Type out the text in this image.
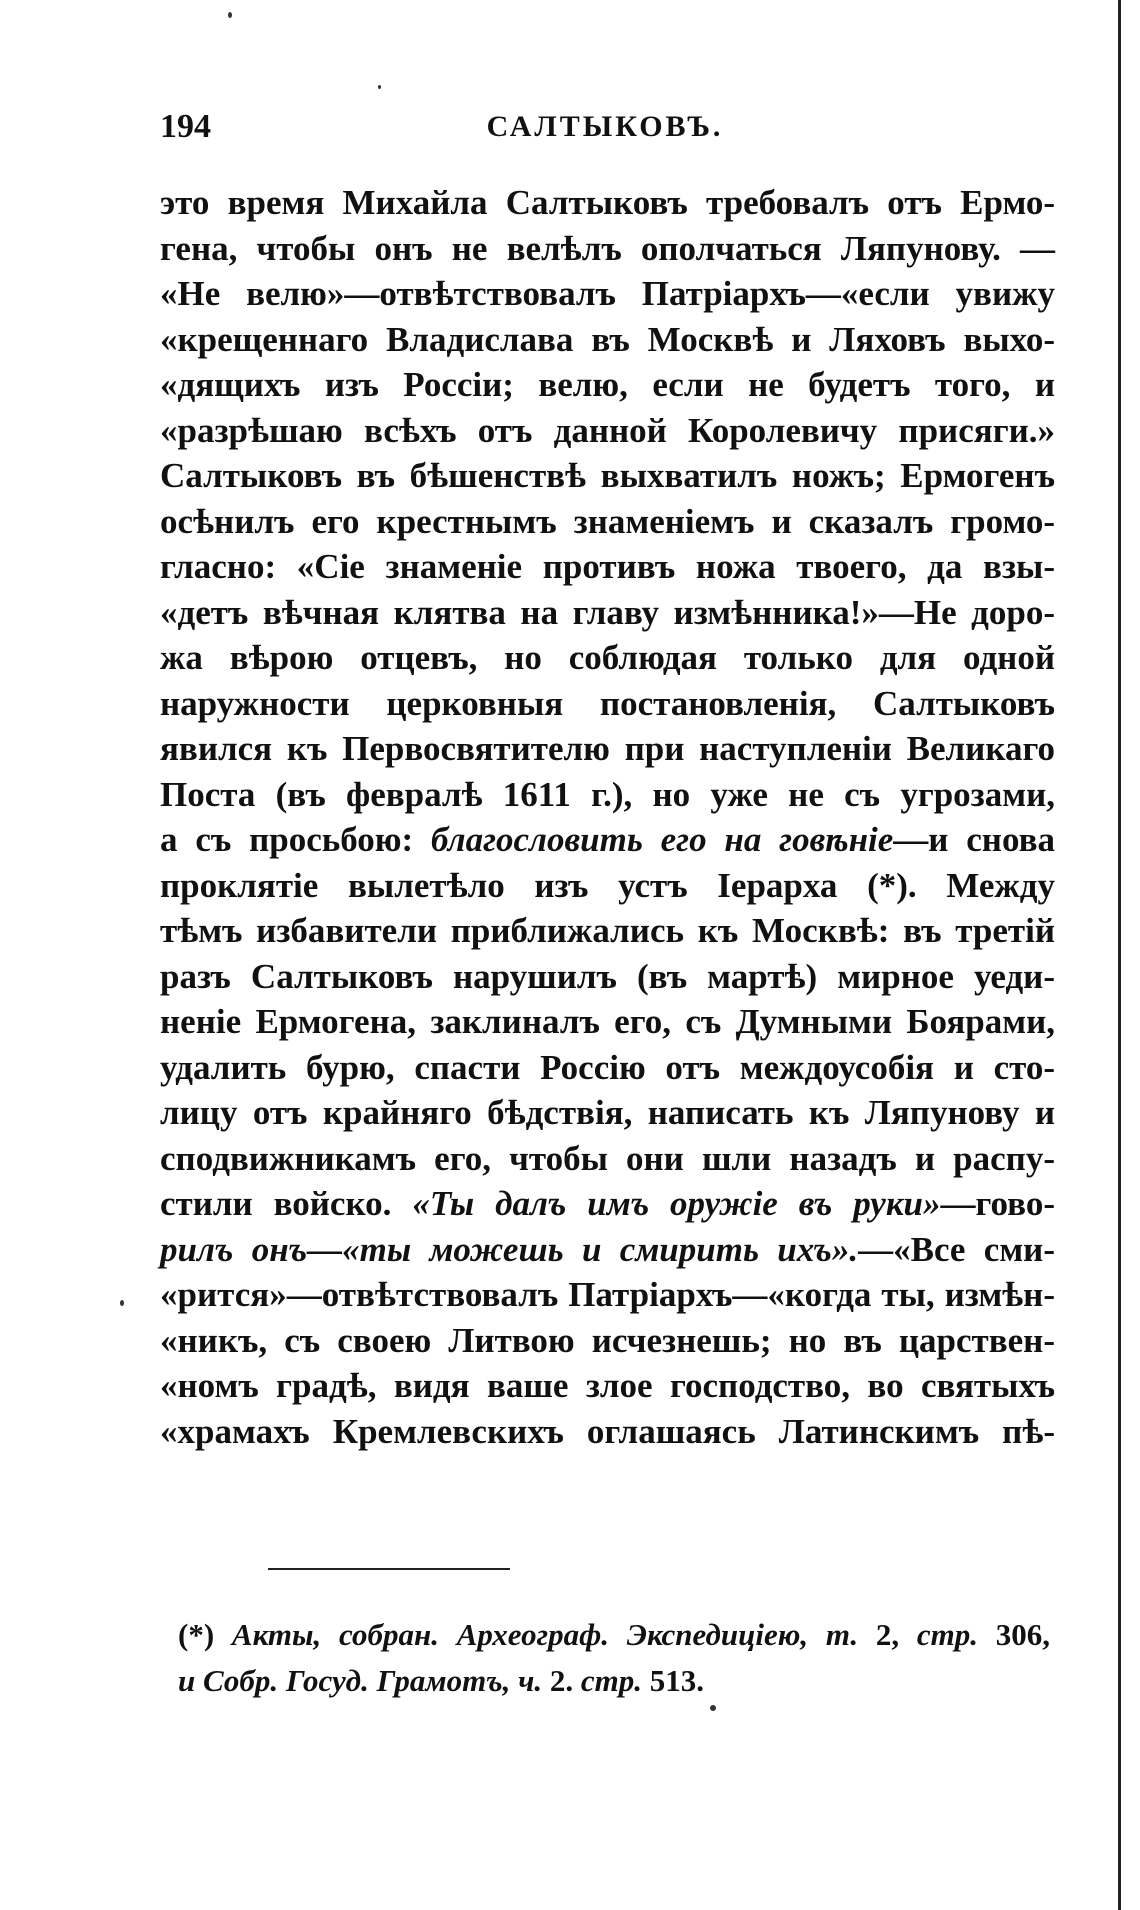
194	САЛТЫКОВЪ.
это время Михайла Салтыковъ требовалъ отъ Ермо-
гена, чтобы онъ не велѣлъ ополчаться Ляпунову. —
«Не велю»—отвѣтствовалъ Патріархъ—«если увижу
«крещеннаго Владислава въ Москвѣ и Ляховъ выхо-
«дящихъ изъ Россіи; велю, если не будетъ того, и
«разрѣшаю всѣхъ отъ данной Королевичу присяги.»
Салтыковъ въ бѣшенствѣ выхватилъ ножъ; Ермогенъ
осѣнилъ его крестнымъ знаменіемъ и сказалъ громо-
гласно: «Сіе знаменіе противъ ножа твоего, да взы-
«детъ вѣчная клятва на главу измѣнника!»—Не доро-
жа вѣрою отцевъ, но соблюдая только для одной
наружности церковныя постановленія, Салтыковъ
явился къ Первосвятителю при наступленіи Великаго
Поста (въ февралѣ 1611 г.), но уже не съ угрозами,
а съ просьбою: благословить его на говѣніе—и снова
проклятіе вылетѣло изъ устъ Іерарха (*). Между
тѣмъ избавители приближались къ Москвѣ: въ третій
разъ Салтыковъ нарушилъ (въ мартѣ) мирное уеди-
неніе Ермогена, заклиналъ его, съ Думными Боярами,
удалить бурю, спасти Россію отъ междоусобія и сто-
лицу отъ крайняго бѣдствія, написать къ Ляпунову и
сподвижникамъ его, чтобы они шли назадъ и распу-
стили войско. «Ты далъ имъ оружіе въ руки»—гово-
рилъ онъ—«ты можешь и смирить ихъ».—«Все сми-
«рится»—отвѣтствовалъ Патріархъ—«когда ты, измѣн-
«никъ, съ своею Литвою исчезнешь; но въ царствен-
«номъ градѣ, видя ваше злое господство, во святыхъ
«храмахъ Кремлевскихъ оглашаясь Латинскимъ пѣ-
(*) Акты, собран. Археограф. Экспедиціею, т. 2, стр. 306,
и Собр. Госуд. Грамотъ, ч. 2. стр. 513.
